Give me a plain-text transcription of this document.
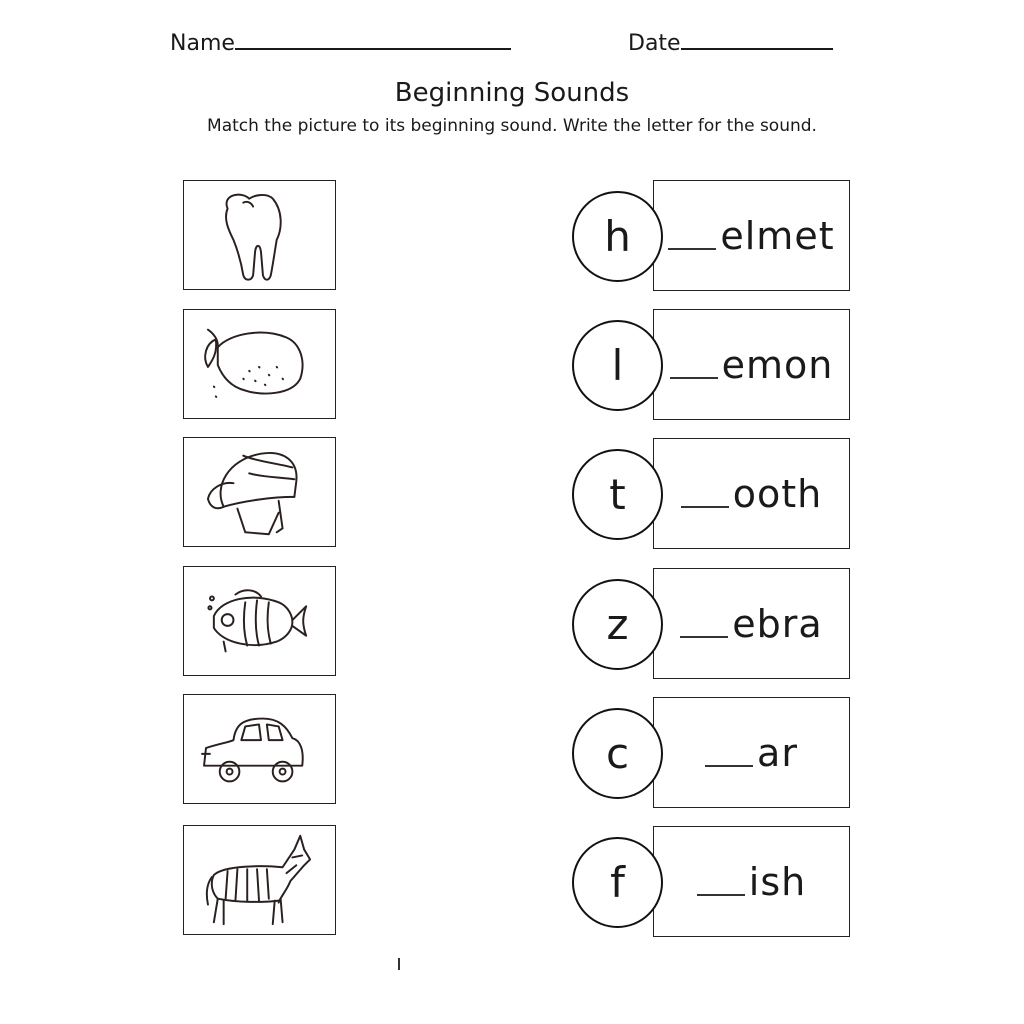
Name	Date
Beginning Sounds
Match the picture to its beginning sound. Write the letter for the sound.
elmet
h
emon
l
ooth
t
ebra
z
ar
c
ish
f
